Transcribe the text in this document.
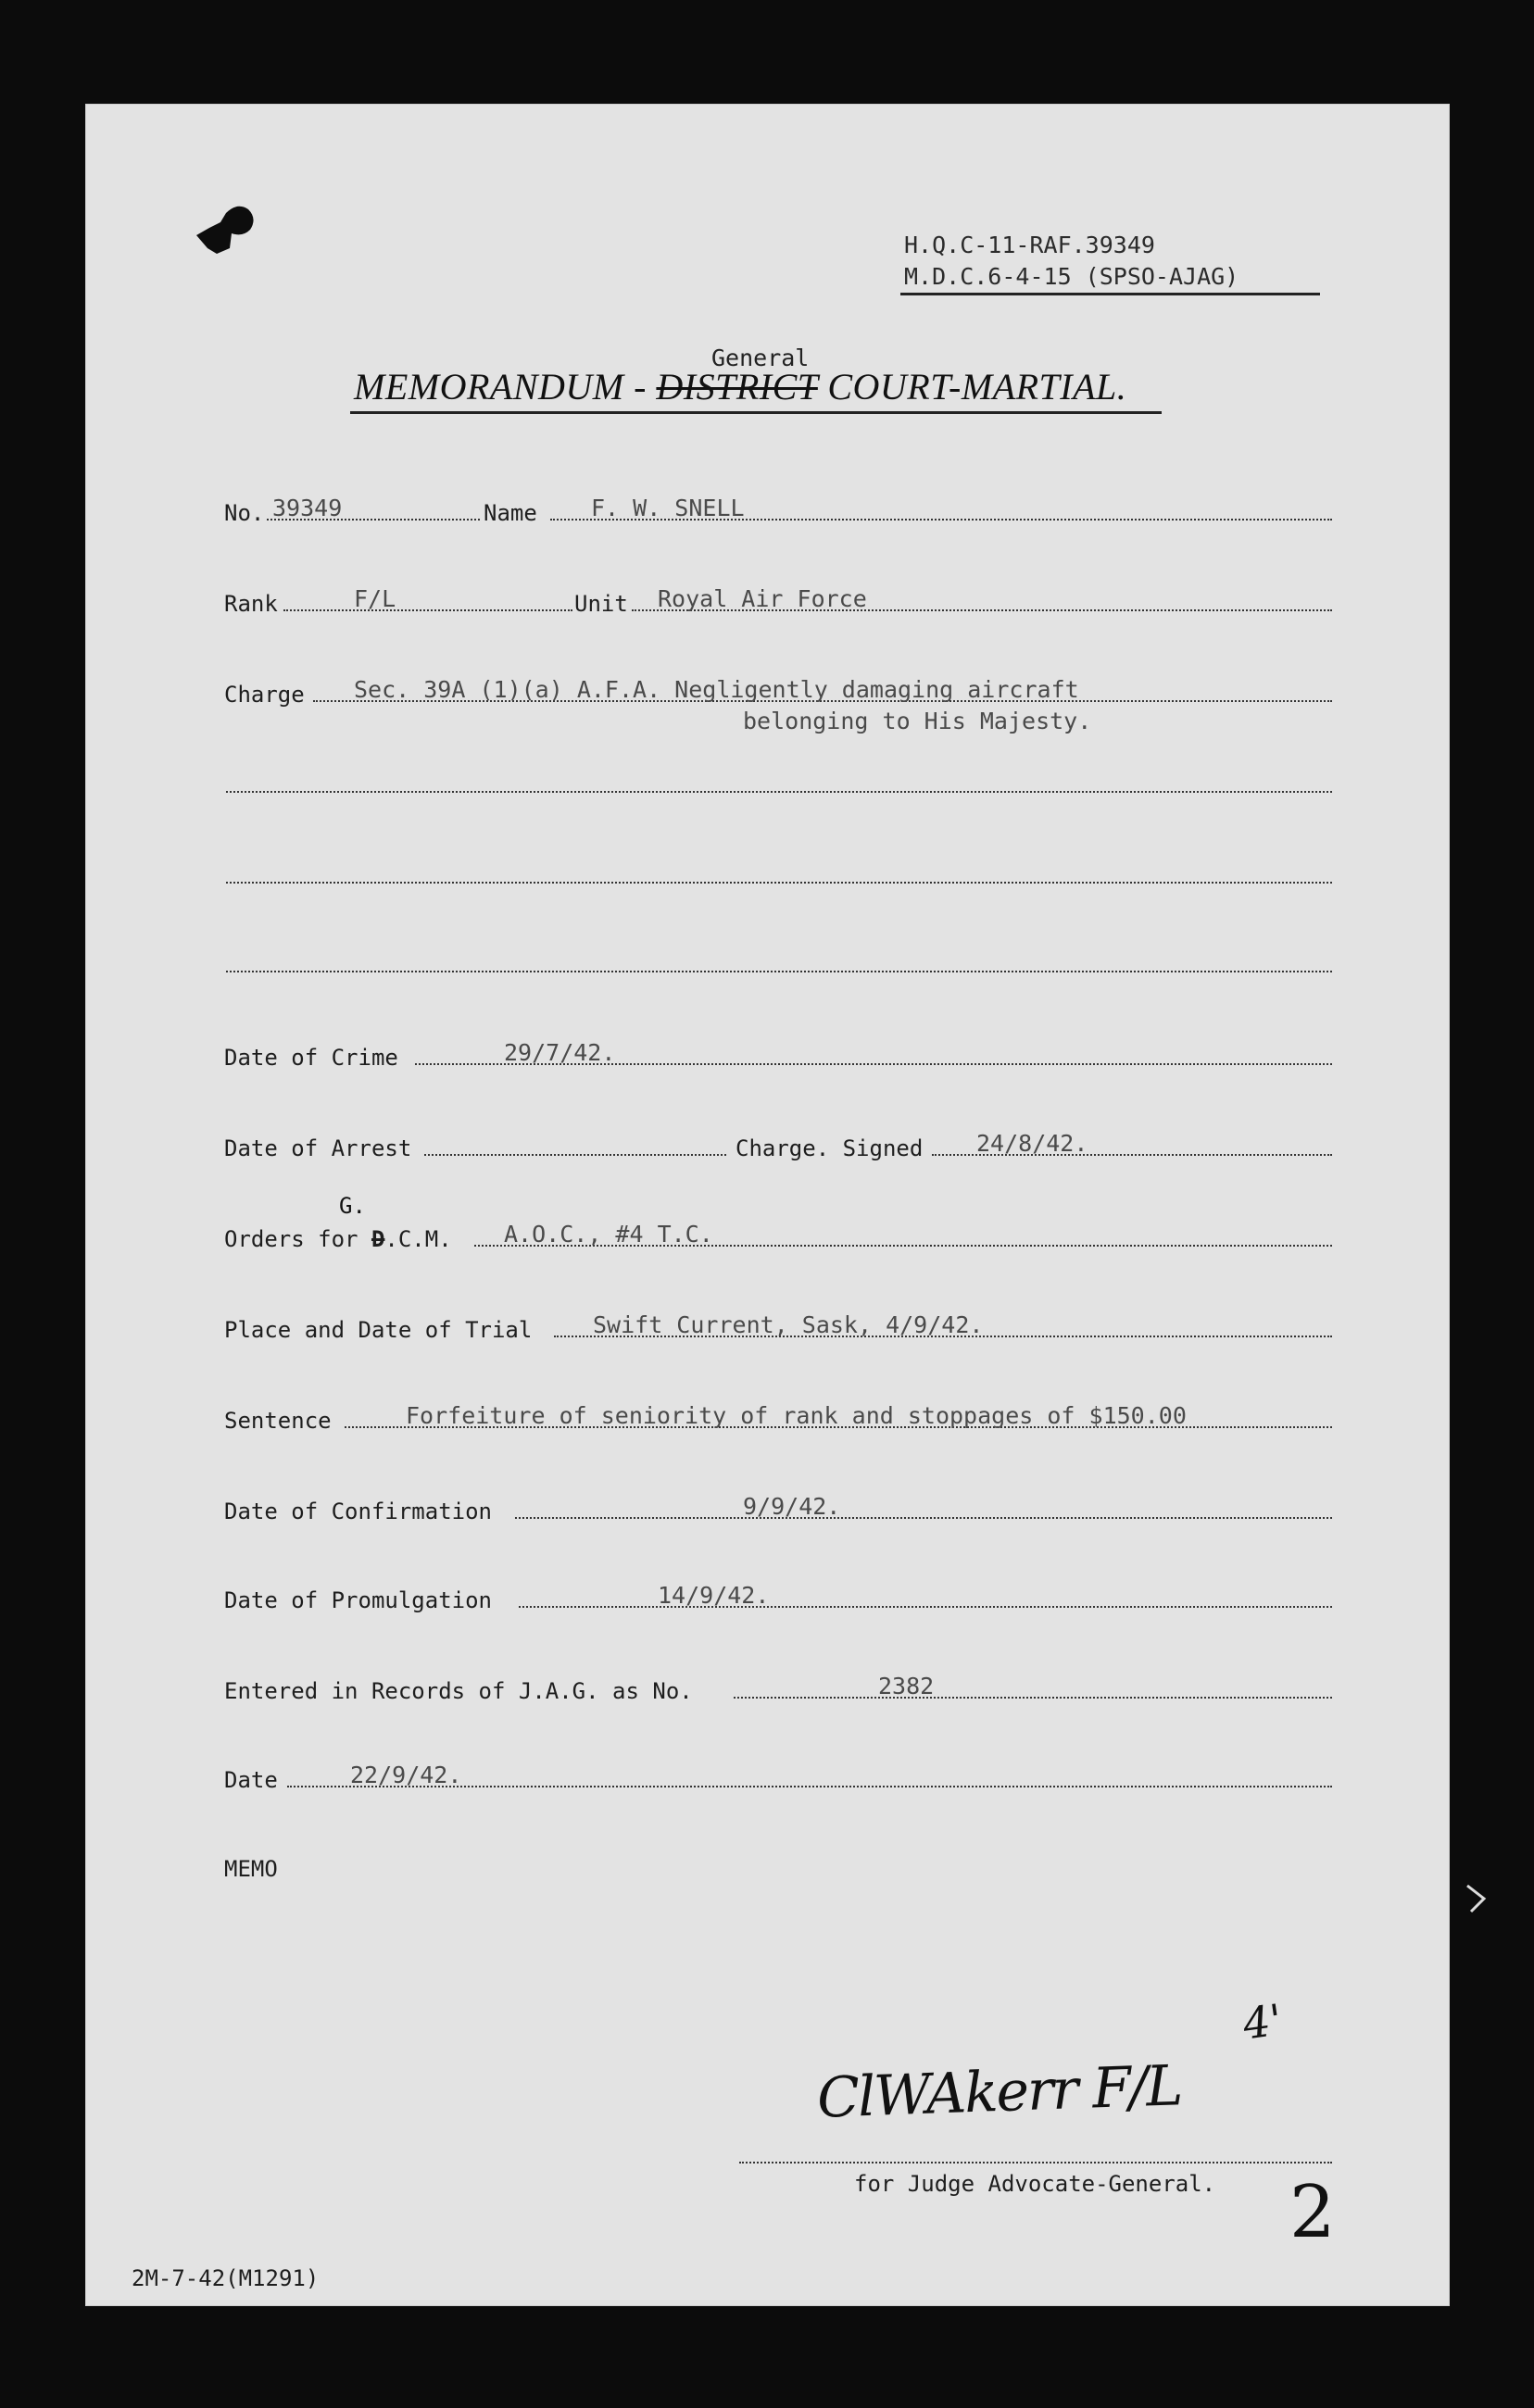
H.Q.C-11-RAF.39349
M.D.C.6-4-15 (SPSO-AJAG)
General
MEMORANDUM - DISTRICT COURT-MARTIAL.
No. 39349	Name F. W. SNELL
Rank	F/L	Unit Royal Air Force
Charge Sec. 39A (1)(a) A.F.A. Negligently damaging aircraft
belonging to His Majesty.
Date of Crime	29/7/42.
Date of Arrest	Charge. Signed 24/8/42.
G.
Orders for D.C.M. A.O.C., #4 T.C.
Place and Date of Trial	Swift Current, Sask, 4/9/42.
Sentence	Forfeiture of seniority of rank and stoppages of $150.00
Date of Confirmation	9/9/42.
Date of Promulgation	14/9/42.
Entered in Records of J.A.G. as No.	2382
Date	22/9/42.
MEMO
4'
ClWAkerr F/L
for Judge Advocate-General. 2
2M-7-42(M1291)
